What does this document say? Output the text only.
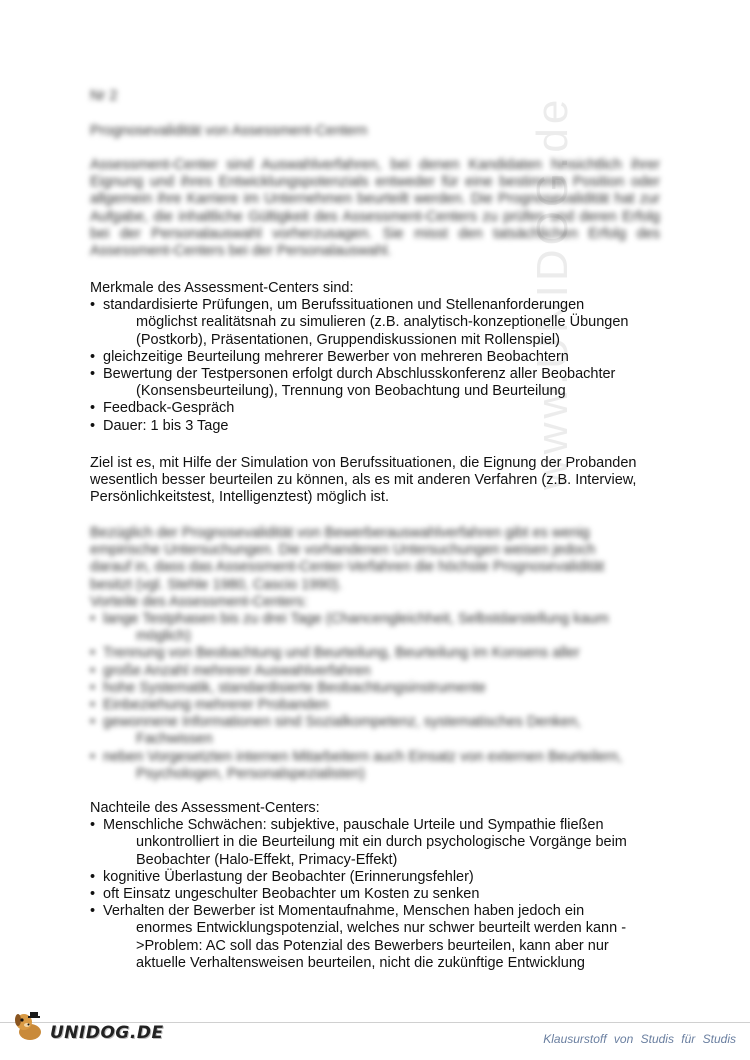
www.UNIDOG.de
Nr 2
Prognosevalidität von Assessment-Centern
Assessment-Center sind Auswahlverfahren, bei denen Kandidaten hinsichtlich ihrer Eignung und ihres Entwicklungspotenzials entweder für eine bestimmte Position oder allgemein ihre Karriere im Unternehmen beurteilt werden. Die Prognosevalidität hat zur Aufgabe, die inhaltliche Gültigkeit des Assessment-Centers zu prüfen und deren Erfolg bei der Personalauswahl vorherzusagen. Sie misst den tatsächlichen Erfolg des Assessment-Centers bei der Personalauswahl.

Merkmale des Assessment-Centers sind:

• standardisierte Prüfungen, um Berufssituationen und Stellenanforderungen
möglichst realitätsnah zu simulieren (z.B. analytisch-konzeptionelle Übungen
(Postkorb), Präsentationen, Gruppendiskussionen mit Rollenspiel)
• gleichzeitige Beurteilung mehrerer Bewerber von mehreren Beobachtern
• Bewertung der Testpersonen erfolgt durch Abschlusskonferenz aller Beobachter
(Konsensbeurteilung), Trennung von Beobachtung und Beurteilung
• Feedback-Gespräch
• Dauer: 1 bis 3 Tage

Ziel ist es, mit Hilfe der Simulation von Berufssituationen, die Eignung der Probanden

wesentlich besser beurteilen zu können, als es mit anderen Verfahren (z.B. Interview,

Persönlichkeitstest, Intelligenztest) möglich ist.

Bezüglich der Prognosevalidität von Bewerberauswahlverfahren gibt es wenig

empirische Untersuchungen. Die vorhandenen Untersuchungen weisen jedoch

darauf in, dass das Assessment-Center-Verfahren die höchste Prognosevalidität

besitzt (vgl. Stehle 1980, Cascio 1990).

Vorteile des Assessment-Centers:

• lange Testphasen bis zu drei Tage (Chancengleichheit, Selbstdarstellung kaum
möglich)
• Trennung von Beobachtung und Beurteilung, Beurteilung im Konsens aller
• große Anzahl mehrerer Auswahlverfahren
• hohe Systematik, standardisierte Beobachtungsinstrumente
• Einbeziehung mehrerer Probanden
• gewonnene Informationen sind Sozialkompetenz, systematisches Denken,
Fachwissen
• neben Vorgesetzten internen Mitarbeitern auch Einsatz von externen Beurteilern,
Psychologen, Personalspezialisten)

Nachteile des Assessment-Centers:

• Menschliche Schwächen: subjektive, pauschale Urteile und Sympathie fließen
unkontrolliert in die Beurteilung mit ein durch psychologische Vorgänge beim
Beobachter (Halo-Effekt, Primacy-Effekt)
• kognitive Überlastung der Beobachter (Erinnerungsfehler)
• oft Einsatz ungeschulter Beobachter um Kosten zu senken
• Verhalten der Bewerber ist Momentaufnahme, Menschen haben jedoch ein
enormes Entwicklungspotenzial, welches nur schwer beurteilt werden kann -
>Problem: AC soll das Potenzial des Bewerbers beurteilen, kann aber nur
aktuelle Verhaltensweisen beurteilen, nicht die zukünftige Entwicklung
UNIDOG.DE	Klausurstoff von Studis für Studis
